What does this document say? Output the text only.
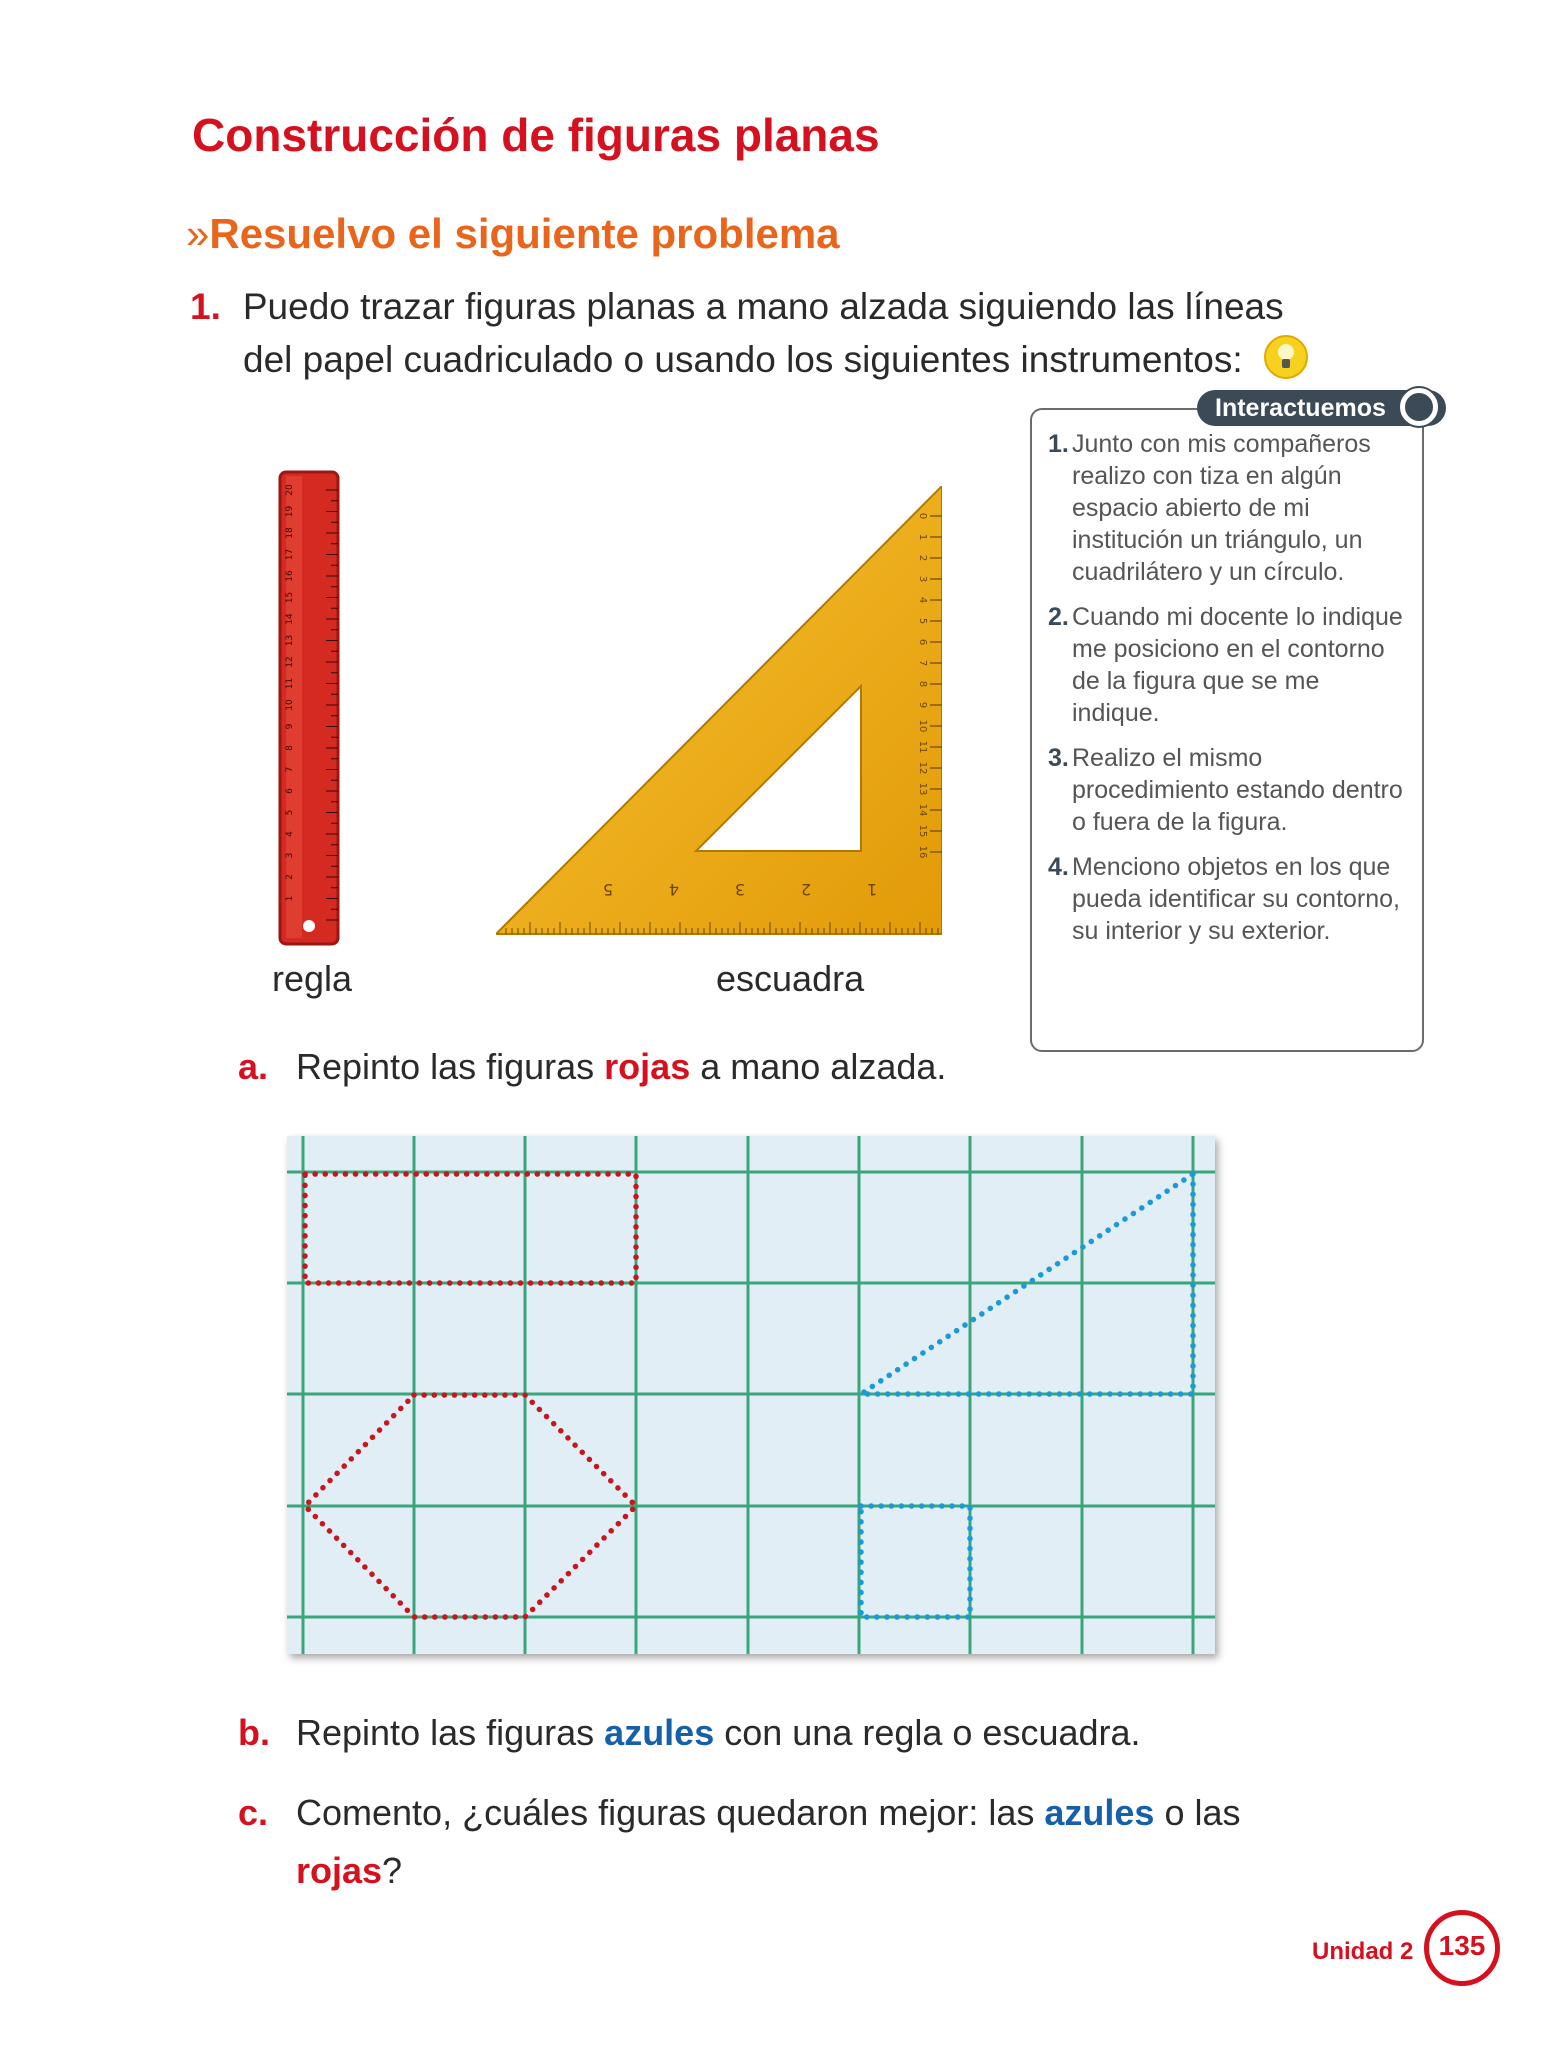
Construcción de figuras planas
»Resuelvo el siguiente problema
1. Puedo trazar figuras planas a mano alzada siguiendo las líneas
del papel cuadriculado o usando los siguientes instrumentos:
1
2
3
4
5
6
7
8
9
10
11
12
13
14
15
16
17
18
19
20
0
1
2
3
4
5
6
7
8
9
10
11
12
13
14
15
16
1
2
3
4
5
regla	escuadra
Interactuemos
1. Junto con mis compañeros realizo con tiza en algún espacio abierto de mi institución un triángulo, un cuadrilátero y un círculo.
2. Cuando mi docente lo indique me posiciono en el contorno de la figura que se me indique.
3. Realizo el mismo procedimiento estando dentro o fuera de la figura.
4. Menciono objetos en los que pueda identificar su contorno, su interior y su exterior.
a. Repinto las figuras rojas a mano alzada.
b. Repinto las figuras azules con una regla o escuadra.
c. Comento, ¿cuáles figuras quedaron mejor: las azules o las
rojas?
Unidad 2 135
